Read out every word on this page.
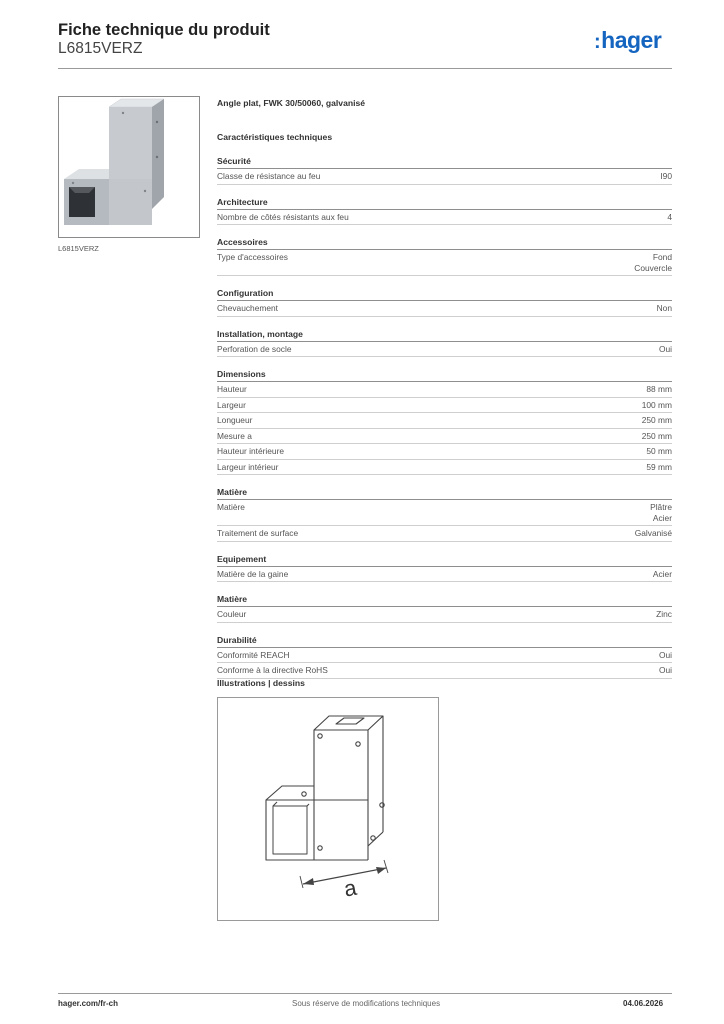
Fiche technique du produit
L6815VERZ	:hager
L6815VERZ
Angle plat, FWK 30/50060, galvanisé
Caractéristiques techniques
Sécurité
Classe de résistance au feu	I90
Architecture
Nombre de côtés résistants aux feu	4
Accessoires
Type d'accessoires	Fond
Couvercle
Configuration
Chevauchement	Non
Installation, montage
Perforation de socle	Oui
Dimensions
Hauteur	88 mm
Largeur	100 mm
Longueur	250 mm
Mesure a	250 mm
Hauteur intérieure	50 mm
Largeur intérieur	59 mm
Matière
Matière	Plâtre
Acier
Traitement de surface	Galvanisé
Equipement
Matière de la gaine	Acier
Matière
Couleur	Zinc
Durabilité
Conformité REACH	Oui
Conforme à la directive RoHS	Oui
Illustrations | dessins
a
hager.com/fr-ch	Sous réserve de modifications techniques	04.06.2026
